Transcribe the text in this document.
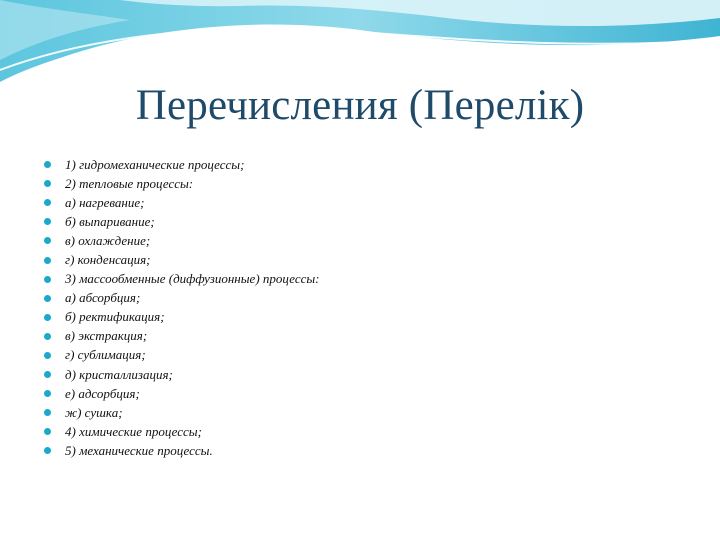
Перечисления (Перелік)
1) гидромеханические процессы;
2) тепловые процессы:
а) нагревание;
б) выпаривание;
в) охлаждение;
г) конденсация;
3) массообменные (диффузионные) процессы:
а) абсорбция;
б) ректификация;
в) экстракция;
г) сублимация;
д) кристаллизация;
е) адсорбция;
ж) сушка;
4) химические процессы;
5) механические процессы.
